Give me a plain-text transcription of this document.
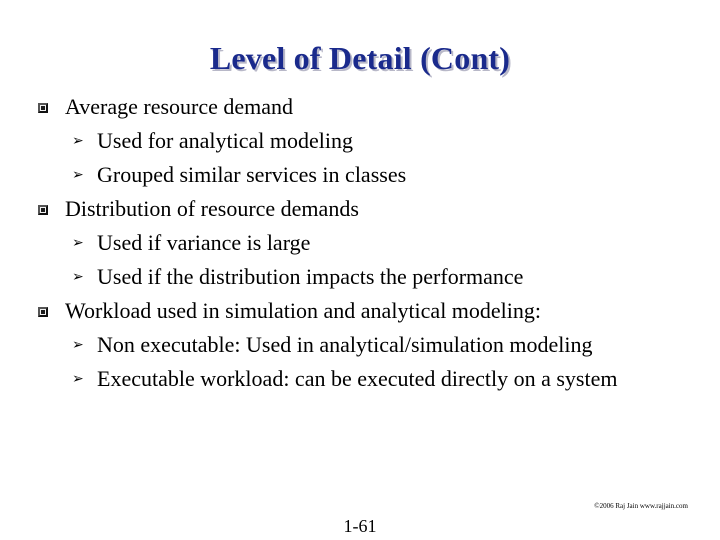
Level of Detail (Cont)
Average resource demand
➢ Used for analytical modeling
➢ Grouped similar services in classes
Distribution of resource demands
➢ Used if variance is large
➢ Used if the distribution impacts the performance
Workload used in simulation and analytical modeling:
➢ Non executable: Used in analytical/simulation modeling
➢ Executable workload: can be executed directly on a system
©2006 Raj Jain www.rajjain.com
1-61
